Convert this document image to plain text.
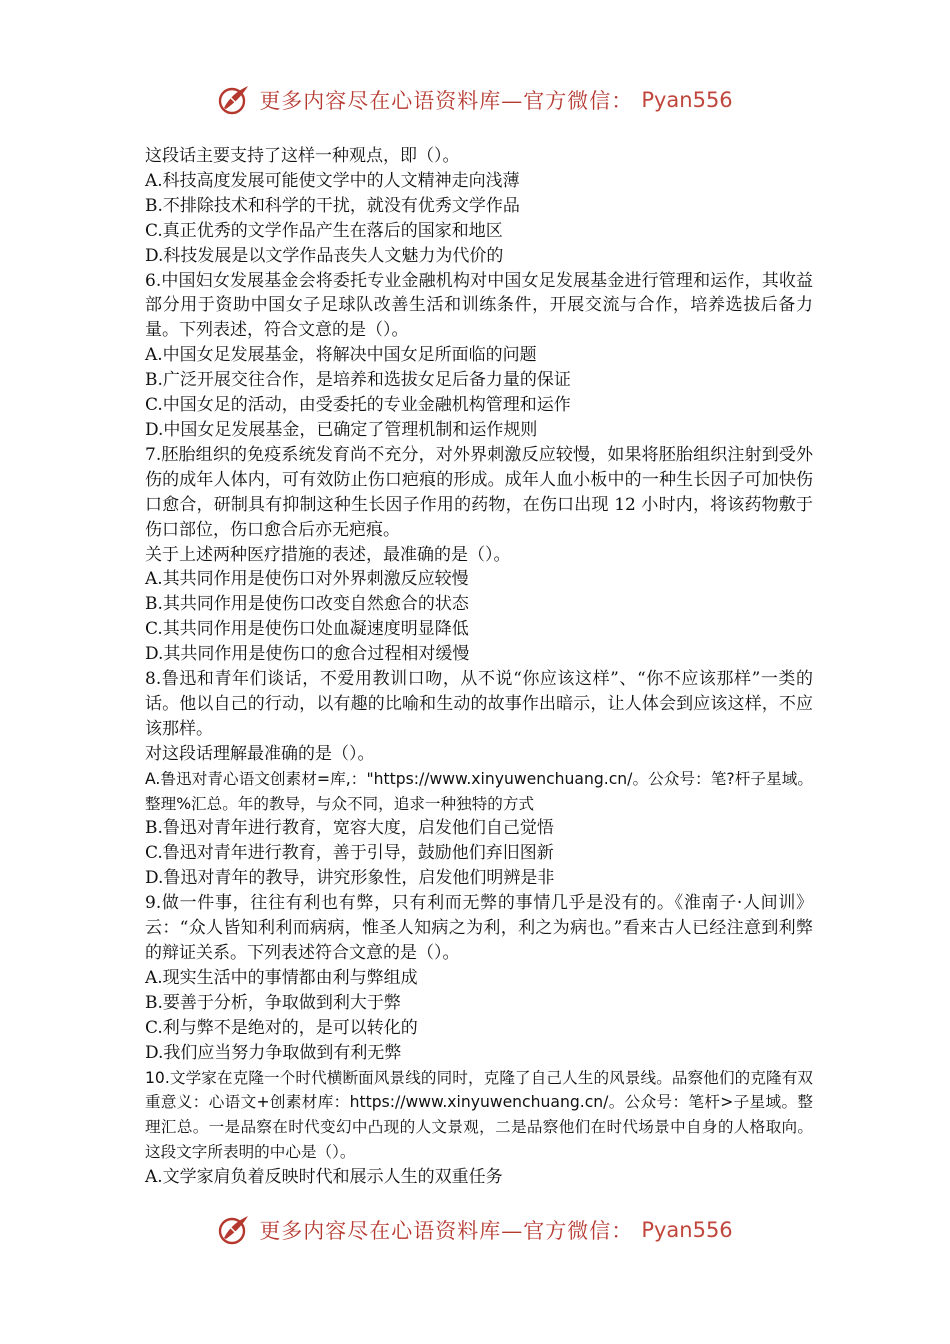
更多内容尽在心语资料库—官方微信： Pyan556

这段话主要支持了这样一种观点，即（）。

A.科技高度发展可能使文学中的人文精神走向浅薄

B.不排除技术和科学的干扰，就没有优秀文学作品

C.真正优秀的文学作品产生在落后的国家和地区

D.科技发展是以文学作品丧失人文魅力为代价的

6.中国妇女发展基金会将委托专业金融机构对中国女足发展基金进行管理和运作，其收益部分用于资助中国女子足球队改善生活和训练条件，开展交流与合作，培养选拔后备力量。下列表述，符合文意的是（）。

A.中国女足发展基金，将解决中国女足所面临的问题

B.广泛开展交往合作，是培养和选拔女足后备力量的保证

C.中国女足的活动，由受委托的专业金融机构管理和运作

D.中国女足发展基金，已确定了管理机制和运作规则

7.胚胎组织的免疫系统发育尚不充分，对外界刺激反应较慢，如果将胚胎组织注射到受外伤的成年人体内，可有效防止伤口疤痕的形成。成年人血小板中的一种生长因子可加快伤口愈合，研制具有抑制这种生长因子作用的药物，在伤口出现 12 小时内，将该药物敷于伤口部位，伤口愈合后亦无疤痕。

关于上述两种医疗措施的表述，最准确的是（）。

A.其共同作用是使伤口对外界刺激反应较慢

B.其共同作用是使伤口改变自然愈合的状态

C.其共同作用是使伤口处血凝速度明显降低

D.其共同作用是使伤口的愈合过程相对缓慢

8.鲁迅和青年们谈话，不爱用教训口吻，从不说“你应该这样”、“你不应该那样”一类的话。他以自己的行动，以有趣的比喻和生动的故事作出暗示，让人体会到应该这样，不应该那样。

对这段话理解最准确的是（）。

A.鲁迅对青心语文创素材=库,："https://www.xinyuwenchuang.cn/。公众号：笔?杆子星域。整理%汇总。年的教导，与众不同，追求一种独特的方式

B.鲁迅对青年进行教育，宽容大度，启发他们自己觉悟

C.鲁迅对青年进行教育，善于引导，鼓励他们弃旧图新

D.鲁迅对青年的教导，讲究形象性，启发他们明辨是非

9.做一件事，往往有利也有弊，只有利而无弊的事情几乎是没有的。《淮南子·人间训》云：“众人皆知利利而病病，惟圣人知病之为利，利之为病也。”看来古人已经注意到利弊的辩证关系。下列表述符合文意的是（）。

A.现实生活中的事情都由利与弊组成

B.要善于分析，争取做到利大于弊

C.利与弊不是绝对的，是可以转化的

D.我们应当努力争取做到有利无弊

10.文学家在克隆一个时代横断面风景线的同时，克隆了自己人生的风景线。品察他们的克隆有双重意义：心语文+创素材库：https://www.xinyuwenchuang.cn/。公众号：笔杆>子星域。整理汇总。一是品察在时代变幻中凸现的人文景观，二是品察他们在时代场景中自身的人格取向。这段文字所表明的中心是（）。

A.文学家肩负着反映时代和展示人生的双重任务

更多内容尽在心语资料库—官方微信： Pyan556
